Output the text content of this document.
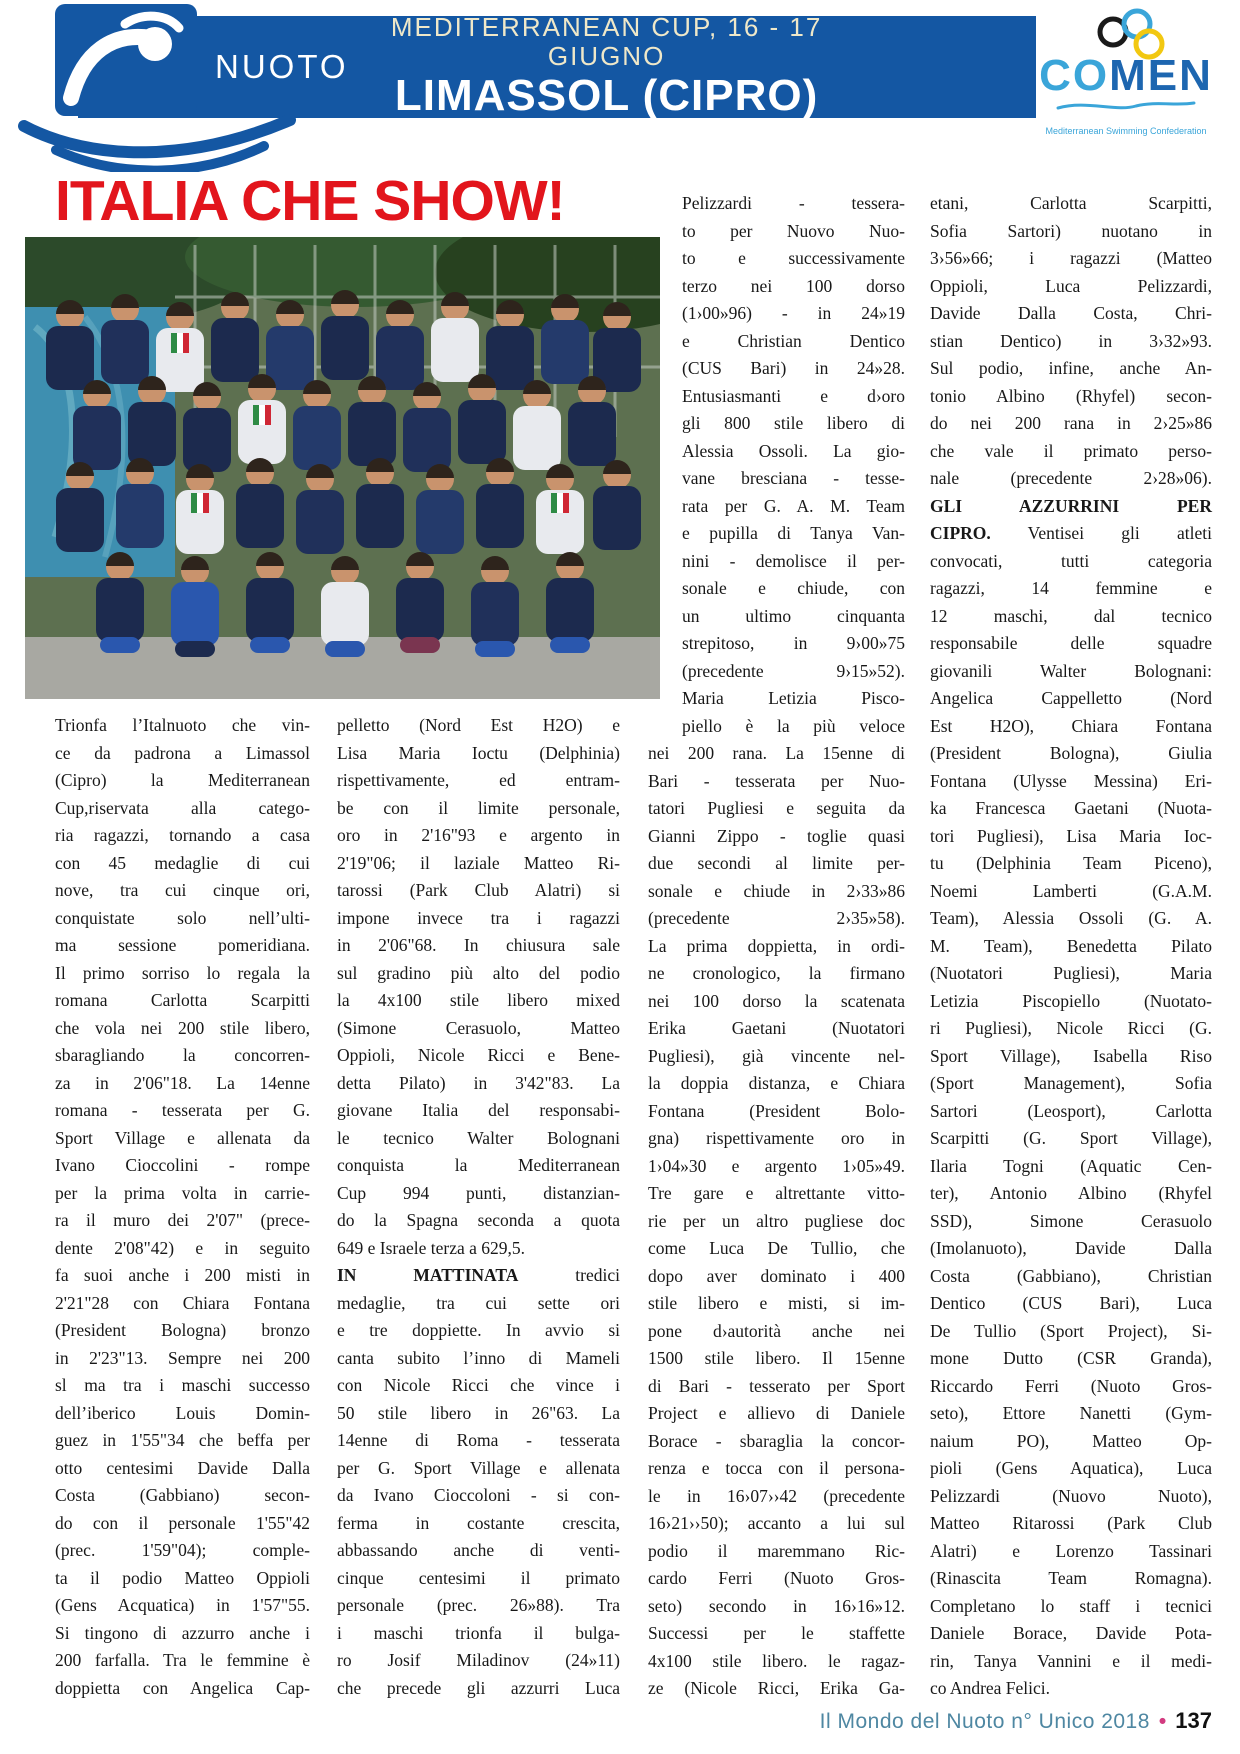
NUOTO
MEDITERRANEAN CUP, 16 - 17 GIUGNO
LIMASSOL (CIPRO)	COMEN
Mediterranean Swimming Confederation
ITALIA CHE SHOW!
Trionfa l’Italnuoto che vin-
ce da padrona a Limassol
(Cipro) la Mediterranean
Cup,riservata alla catego-
ria ragazzi, tornando a casa
con 45 medaglie di cui
nove, tra cui cinque ori,
conquistate solo nell’ulti-
ma sessione pomeridiana.
Il primo sorriso lo regala la
romana Carlotta Scarpitti
che vola nei 200 stile libero,
sbaragliando la concorren-
za in 2'06"18. La 14enne
romana - tesserata per G.
Sport Village e allenata da
Ivano Cioccolini - rompe
per la prima volta in carrie-
ra il muro dei 2'07" (prece-
dente 2'08"42) e in seguito
fa suoi anche i 200 misti in
2'21"28 con Chiara Fontana
(President Bologna) bronzo
in 2'23"13. Sempre nei 200
sl ma tra i maschi successo
dell’iberico Louis Domin-
guez in 1'55"34 che beffa per
otto centesimi Davide Dalla
Costa (Gabbiano) secon-
do con il personale 1'55"42
(prec. 1'59"04); comple-
ta il podio Matteo Oppioli
(Gens Acquatica) in 1'57"55.
Si tingono di azzurro anche i
200 farfalla. Tra le femmine è
doppietta con Angelica Cap-
pelletto (Nord Est H2O) e
Lisa Maria Ioctu (Delphinia)
rispettivamente, ed entram-
be con il limite personale,
oro in 2'16"93 e argento in
2'19"06; il laziale Matteo Ri-
tarossi (Park Club Alatri) si
impone invece tra i ragazzi
in 2'06"68. In chiusura sale
sul gradino più alto del podio
la 4x100 stile libero mixed
(Simone Cerasuolo, Matteo
Oppioli, Nicole Ricci e Bene-
detta Pilato) in 3'42"83. La
giovane Italia del responsabi-
le tecnico Walter Bolognani
conquista la Mediterranean
Cup 994 punti, distanzian-
do la Spagna seconda a quota
649 e Israele terza a 629,5.
IN MATTINATA tredici
medaglie, tra cui sette ori
e tre doppiette. In avvio si
canta subito l’inno di Mameli
con Nicole Ricci che vince i
50 stile libero in 26"63. La
14enne di Roma - tesserata
per G. Sport Village e allenata
da Ivano Cioccoloni - si con-
ferma in costante crescita,
abbassando anche di venti-
cinque centesimi il primato
personale (prec. 26»88). Tra
i maschi trionfa il bulga-
ro Josif Miladinov (24»11)
che precede gli azzurri Luca
Pelizzardi - tessera-
to per Nuovo Nuo-
to e successivamente
terzo nei 100 dorso
(1›00»96) - in 24»19
e Christian Dentico
(CUS Bari) in 24»28.
Entusiasmanti e d›oro
gli 800 stile libero di
Alessia Ossoli. La gio-
vane bresciana - tesse-
rata per G. A. M. Team
e pupilla di Tanya Van-
nini - demolisce il per-
sonale e chiude, con
un ultimo cinquanta
strepitoso, in 9›00»75
(precedente 9›15»52).
Maria Letizia Pisco-
piello è la più veloce
nei 200 rana. La 15enne di
Bari - tesserata per Nuo-
tatori Pugliesi e seguita da
Gianni Zippo - toglie quasi
due secondi al limite per-
sonale e chiude in 2›33»86
(precedente 2›35»58).
La prima doppietta, in ordi-
ne cronologico, la firmano
nei 100 dorso la scatenata
Erika Gaetani (Nuotatori
Pugliesi), già vincente nel-
la doppia distanza, e Chiara
Fontana (President Bolo-
gna) rispettivamente oro in
1›04»30 e argento 1›05»49.
Tre gare e altrettante vitto-
rie per un altro pugliese doc
come Luca De Tullio, che
dopo aver dominato i 400
stile libero e misti, si im-
pone d›autorità anche nei
1500 stile libero. Il 15enne
di Bari - tesserato per Sport
Project e allievo di Daniele
Borace - sbaraglia la concor-
renza e tocca con il persona-
le in 16›07››42 (precedente
16›21››50); accanto a lui sul
podio il maremmano Ric-
cardo Ferri (Nuoto Gros-
seto) secondo in 16›16»12.
Successi per le staffette
4x100 stile libero. le ragaz-
ze (Nicole Ricci, Erika Ga-
etani, Carlotta Scarpitti,
Sofia Sartori) nuotano in
3›56»66; i ragazzi (Matteo
Oppioli, Luca Pelizzardi,
Davide Dalla Costa, Chri-
stian Dentico) in 3›32»93.
Sul podio, infine, anche An-
tonio Albino (Rhyfel) secon-
do nei 200 rana in 2›25»86
che vale il primato perso-
nale (precedente 2›28»06).
GLI AZZURRINI PER
CIPRO. Ventisei gli atleti
convocati, tutti categoria
ragazzi, 14 femmine e
12 maschi, dal tecnico
responsabile delle squadre
giovanili Walter Bolognani:
Angelica Cappelletto (Nord
Est H2O), Chiara Fontana
(President Bologna), Giulia
Fontana (Ulysse Messina) Eri-
ka Francesca Gaetani (Nuota-
tori Pugliesi), Lisa Maria Ioc-
tu (Delphinia Team Piceno),
Noemi Lamberti (G.A.M.
Team), Alessia Ossoli (G. A.
M. Team), Benedetta Pilato
(Nuotatori Pugliesi), Maria
Letizia Piscopiello (Nuotato-
ri Pugliesi), Nicole Ricci (G.
Sport Village), Isabella Riso
(Sport Management), Sofia
Sartori (Leosport), Carlotta
Scarpitti (G. Sport Village),
Ilaria Togni (Aquatic Cen-
ter), Antonio Albino (Rhyfel
SSD), Simone Cerasuolo
(Imolanuoto), Davide Dalla
Costa (Gabbiano), Christian
Dentico (CUS Bari), Luca
De Tullio (Sport Project), Si-
mone Dutto (CSR Granda),
Riccardo Ferri (Nuoto Gros-
seto), Ettore Nanetti (Gym-
naium PO), Matteo Op-
pioli (Gens Aquatica), Luca
Pelizzardi (Nuovo Nuoto),
Matteo Ritarossi (Park Club
Alatri) e Lorenzo Tassinari
(Rinascita Team Romagna).
Completano lo staff i tecnici
Daniele Borace, Davide Pota-
rin, Tanya Vannini e il medi-
co Andrea Felici.
Il Mondo del Nuoto n° Unico 2018 • 137
